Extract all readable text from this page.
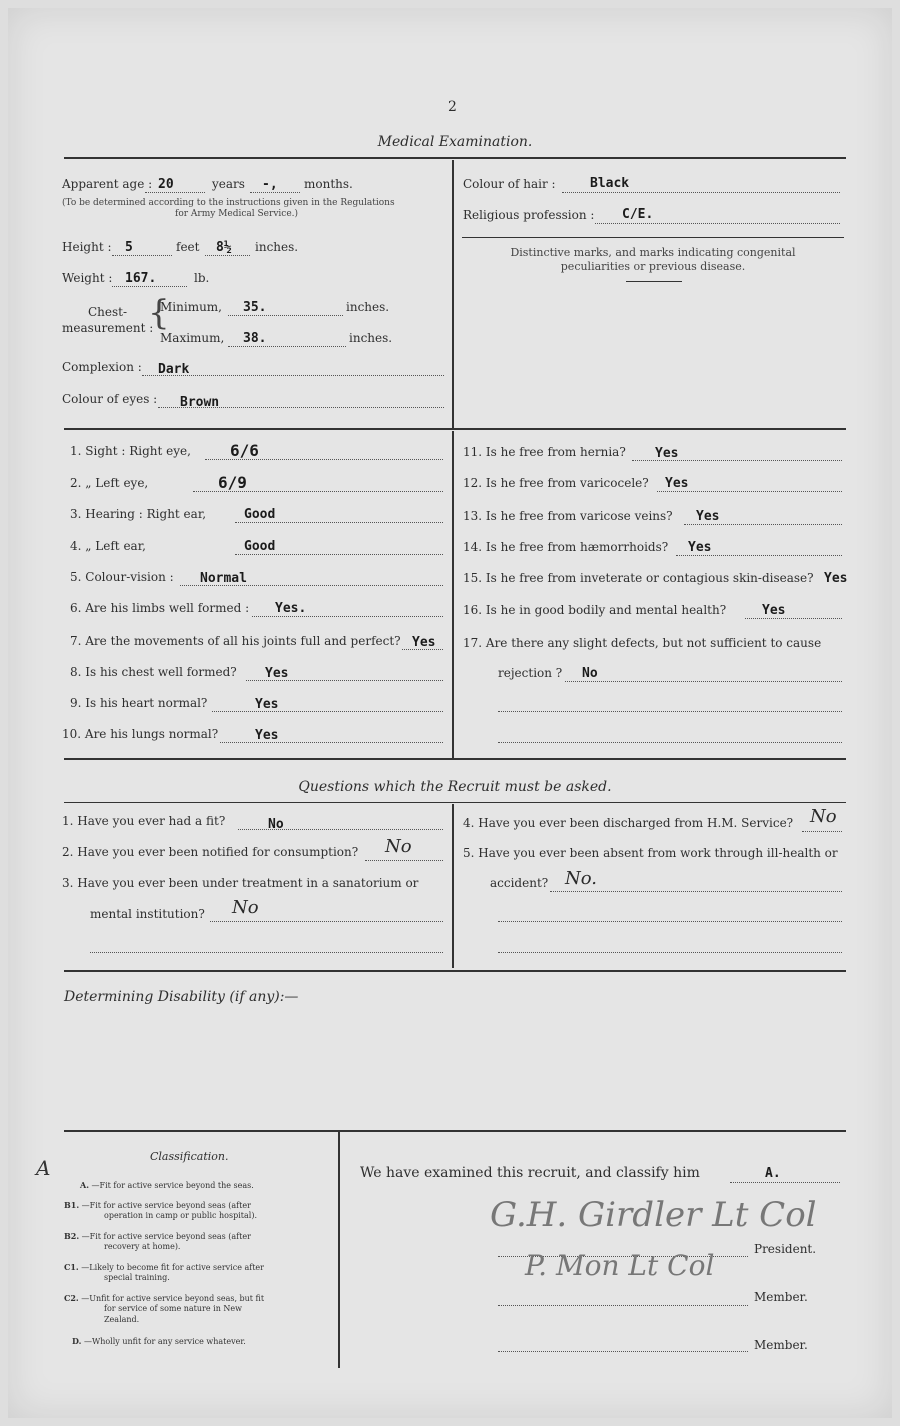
2
Medical Examination.
Apparent age : 20	years -, months.
(To be determined according to the instructions given in the Regulations
for Army Medical Service.)
Height : 5	feet 8½ inches.
Weight : 167.	lb.
Chest-
measurement :
{
Minimum, 35.	inches.
Maximum, 38.	inches.
Complexion : Dark
Colour of eyes : Brown
Colour of hair :	Black
Religious profession : C/E.
Distinctive marks, and marks indicating congenital
peculiarities or previous disease.
1. Sight : Right eye, 6/6
2. „ Left eye,	6/9
3. Hearing : Right ear,	Good
4. „ Left ear,	Good
5. Colour-vision : Normal
6. Are his limbs well formed : Yes.
7. Are the movements of all his joints full and perfect? Yes
8. Is his chest well formed? Yes
9. Is his heart normal?	Yes
10. Are his lungs normal?	Yes
11. Is he free from hernia? Yes
12. Is he free from varicocele? Yes
13. Is he free from varicose veins? Yes
14. Is he free from hæmorrhoids? Yes
15. Is he free from inveterate or contagious skin-disease? Yes
16. Is he in good bodily and mental health?	Yes
17. Are there any slight defects, but not sufficient to cause
rejection ? No
Questions which the Recruit must be asked.
1. Have you ever had a fit?	No
2. Have you ever been notified for consumption? No
3. Have you ever been under treatment in a sanatorium or
mental institution? No
4. Have you ever been discharged from H.M. Service? No
5. Have you ever been absent from work through ill-health or
accident? No.
Determining Disability (if any):—
Classification.
A
A. —Fit for active service beyond the seas.
B1. —Fit for active service beyond seas (after
operation in camp or public hospital).
B2. —Fit for active service beyond seas (after
recovery at home).
C1. —Likely to become fit for active service after
special training.
C2. —Unfit for active service beyond seas, but fit
for service of some nature in New
Zealand.
D. —Wholly unfit for any service whatever.
We have examined this recruit, and classify him	A.
G.H. Girdler Lt Col
President.
P. Mon Lt Col
Member.
Member.
